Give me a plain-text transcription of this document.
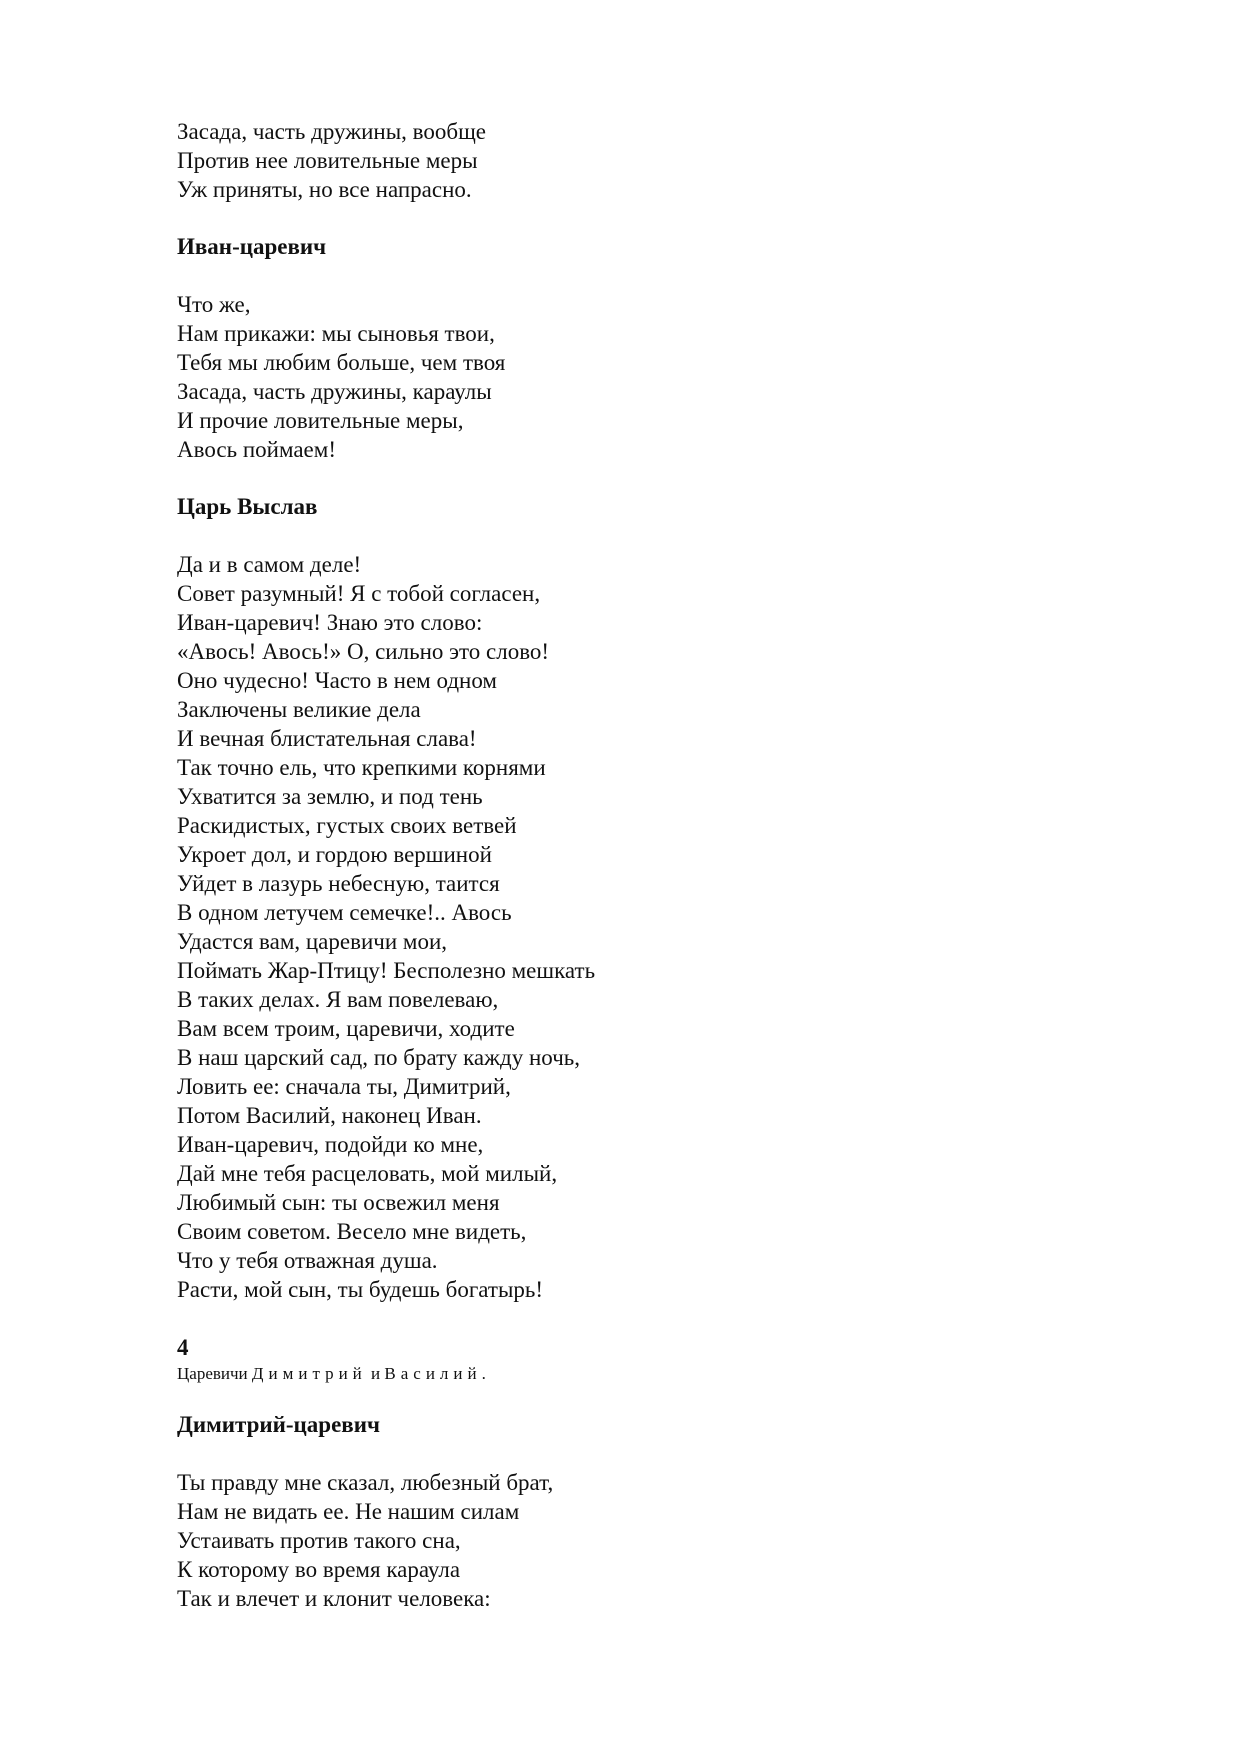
Засада, часть дружины, вообще

Против нее ловительные меры

Уж приняты, но все напрасно.

Иван-царевич

Что же,

Нам прикажи: мы сыновья твои,

Тебя мы любим больше, чем твоя

Засада, часть дружины, караулы

И прочие ловительные меры,

Авось поймаем!

Царь Выслав

Да и в самом деле!

Совет разумный! Я с тобой согласен,

Иван-царевич! Знаю это слово:

«Авось! Авось!» О, сильно это слово!

Оно чудесно! Часто в нем одном

Заключены великие дела

И вечная блистательная слава!

Так точно ель, что крепкими корнями

Ухватится за землю, и под тень

Раскидистых, густых своих ветвей

Укроет дол, и гордою вершиной

Уйдет в лазурь небесную, таится

В одном летучем семечке!.. Авось

Удастся вам, царевичи мои,

Поймать Жар-Птицу! Бесполезно мешкать

В таких делах. Я вам повелеваю,

Вам всем троим, царевичи, ходите

В наш царский сад, по брату кажду ночь,

Ловить ее: сначала ты, Димитрий,

Потом Василий, наконец Иван.

Иван-царевич, подойди ко мне,

Дай мне тебя расцеловать, мой милый,

Любимый сын: ты освежил меня

Своим советом. Весело мне видеть,

Что у тебя отважная душа.

Расти, мой сын, ты будешь богатырь!

4

Царевичи Димитрий и Василий.

Димитрий-царевич

Ты правду мне сказал, любезный брат,

Нам не видать ее. Не нашим силам

Устаивать против такого сна,

К которому во время караула

Так и влечет и клонит человека:
